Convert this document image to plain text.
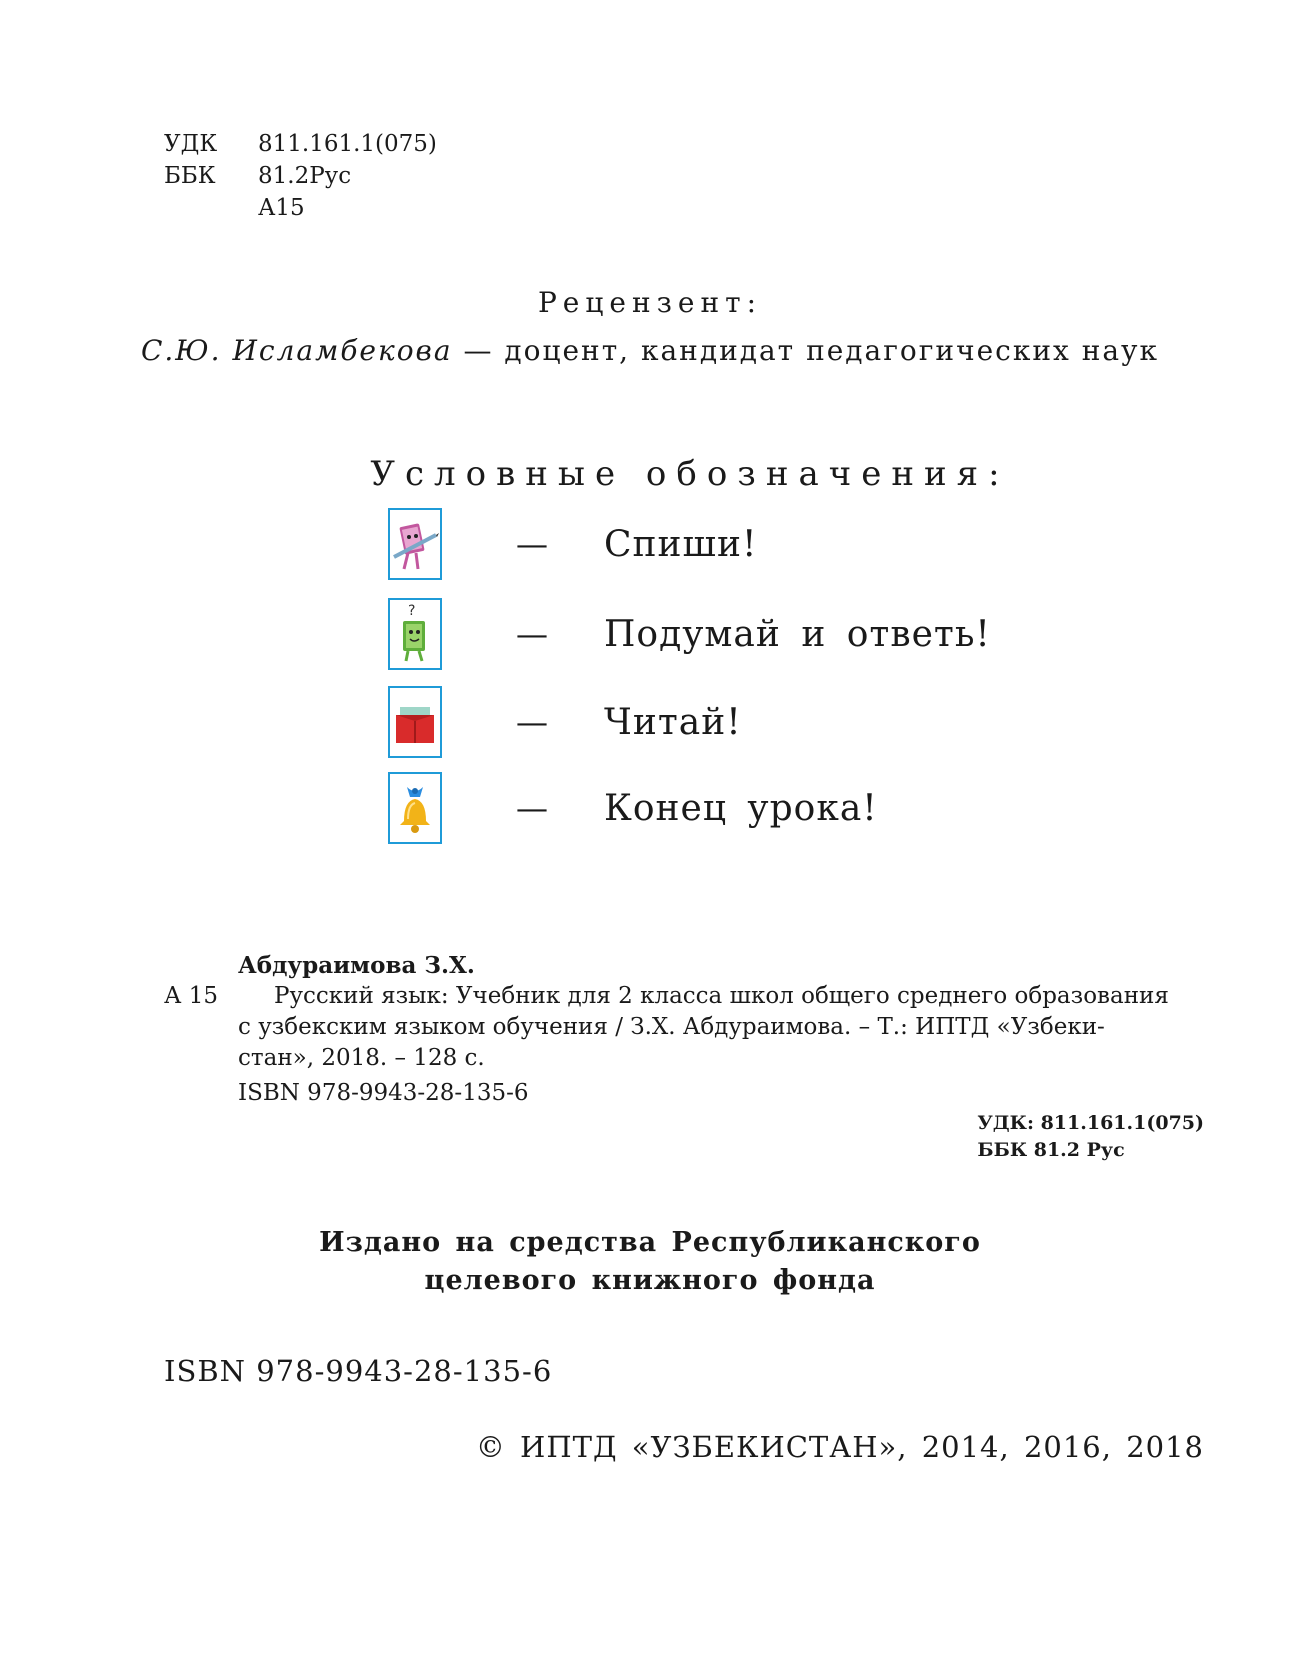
УДК	811.161.1(075)
ББК	81.2Рус
А15
Рецензент:
С.Ю. Исламбекова — доцент, кандидат педагогических наук
Условные обозначения:
—	Спиши!
?
—	Подумай и ответь!
—	Читай!
—	Конец урока!
Абдураимова З.Х.
А 15	Русский язык: Учебник для 2 класса школ общего среднего образования
с узбекским языком обучения / З.Х. Абдураимова. – Т.: ИПТД «Узбеки-
стан», 2018. – 128 с.
ISBN 978-9943-28-135-6
УДК: 811.161.1(075)
ББК 81.2 Рус
Издано на средства Республиканского
целевого книжного фонда
ISBN 978-9943-28-135-6
© ИПТД «УЗБЕКИСТАН», 2014, 2016, 2018
